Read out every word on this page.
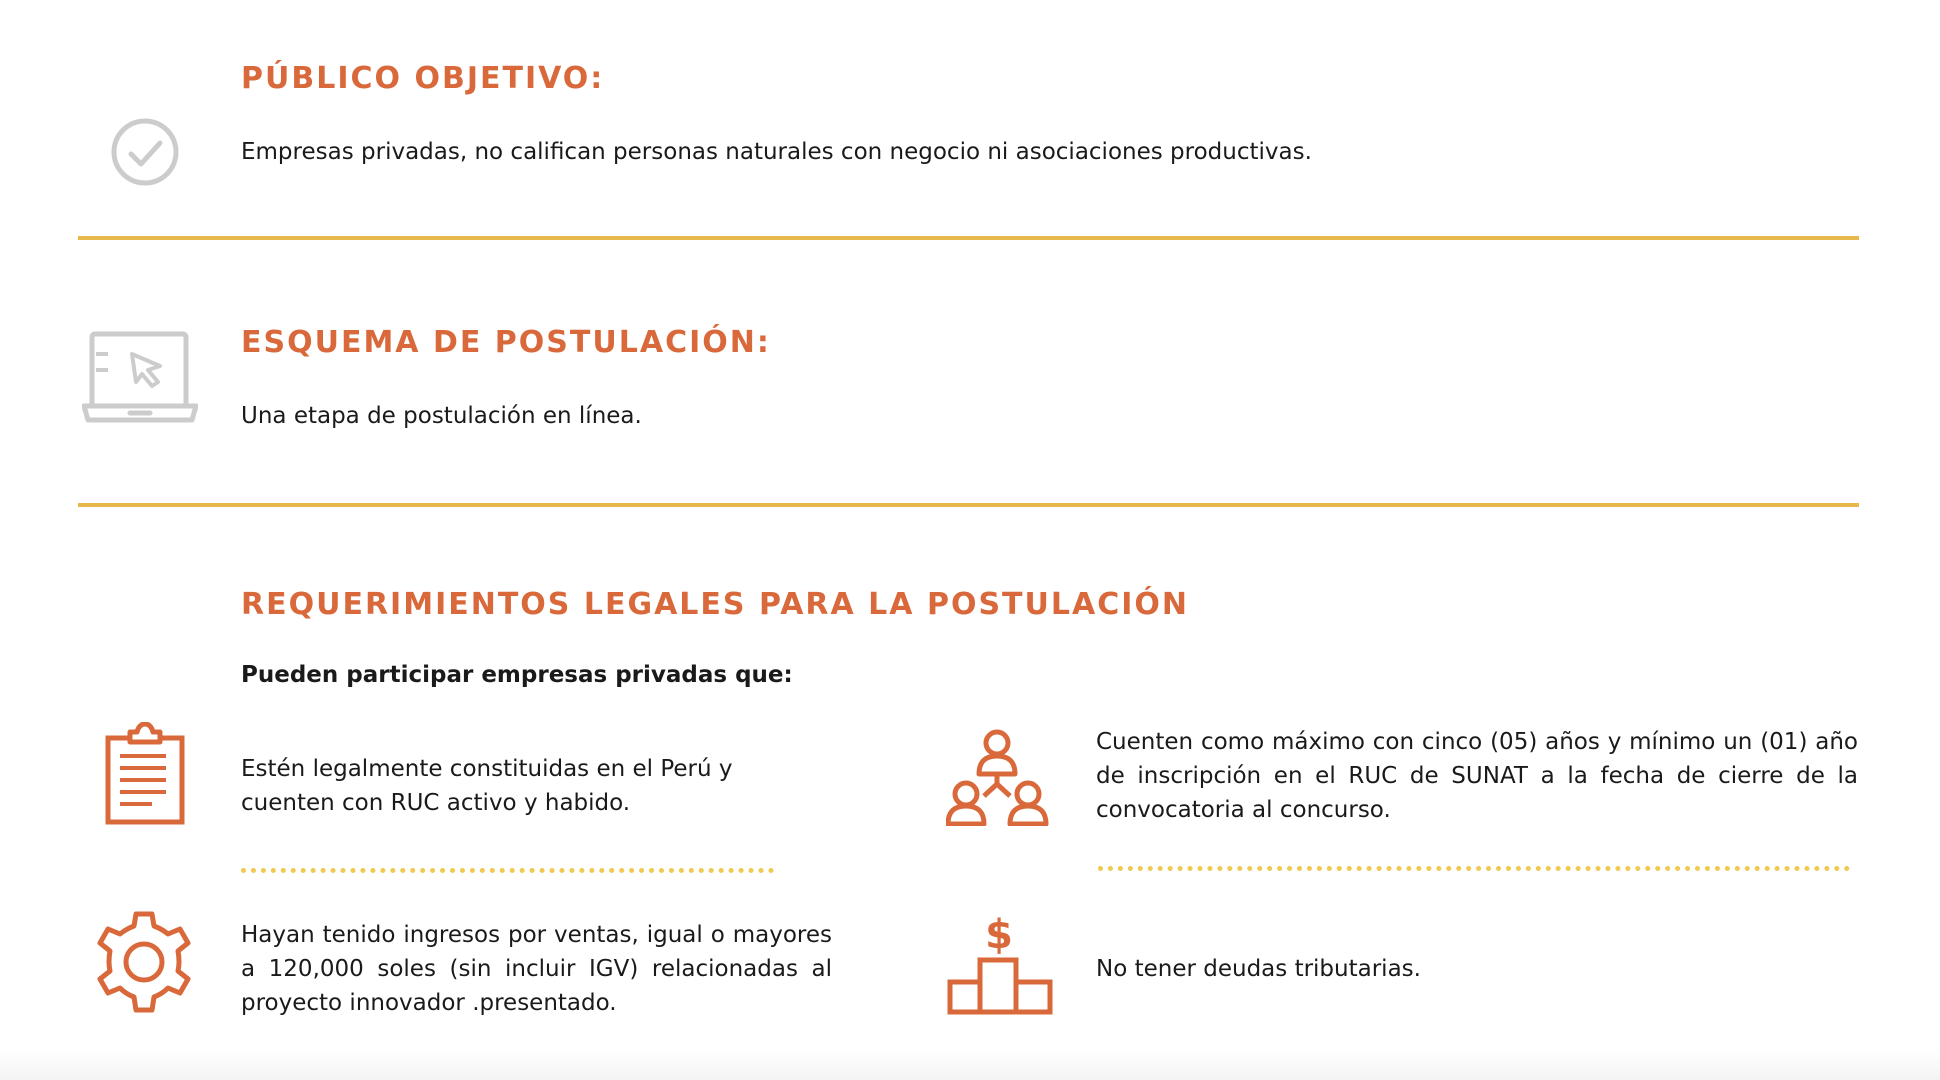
PÚBLICO OBJETIVO:
Empresas privadas, no califican personas naturales con negocio ni asociaciones productivas.
ESQUEMA DE POSTULACIÓN:
Una etapa de postulación en línea.
REQUERIMIENTOS LEGALES PARA LA POSTULACIÓN
Pueden participar empresas privadas que:
Estén legalmente constituidas en el Perú y cuenten con RUC activo y habido.
Cuenten como máximo con cinco (05) años y mínimo un (01) año de inscripción en el RUC de SUNAT a la fecha de cierre de la convocatoria al concurso.
Hayan tenido ingresos por ventas, igual o mayores a 120,000 soles (sin incluir IGV) relacionadas al proyecto innovador .presentado.
$
No tener deudas tributarias.
